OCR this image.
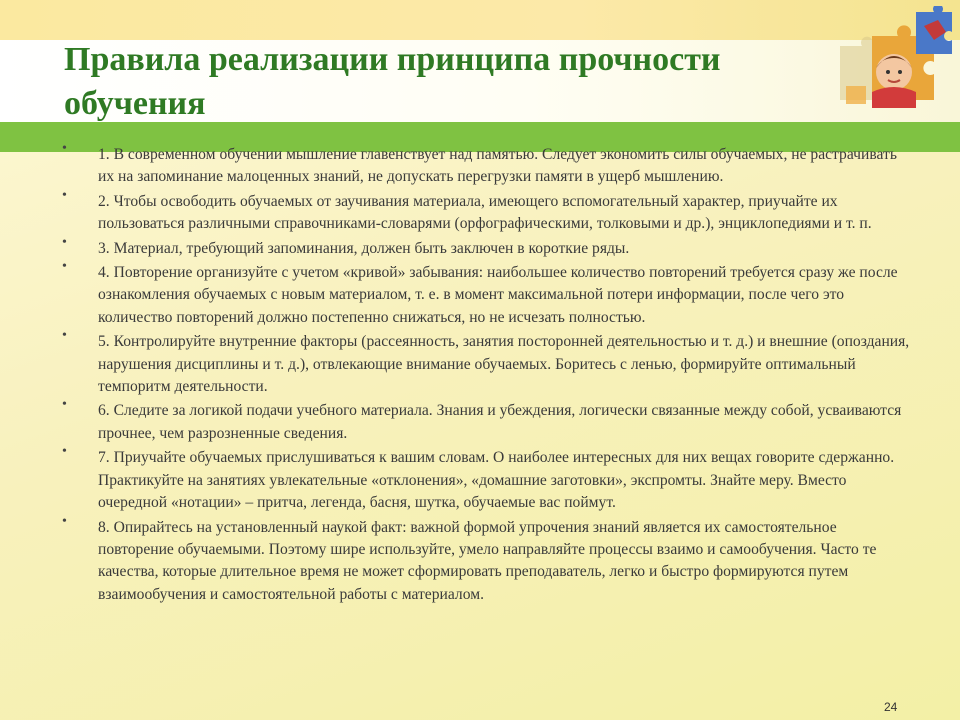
Правила реализации принципа прочности обучения
• 1. В современном обучении мышление главенствует над памятью. Следует экономить силы обучаемых, не растрачивать их на запоминание малоценных знаний, не допускать перегрузки памяти в ущерб мышлению.
• 2. Чтобы освободить обучаемых от заучивания материала, имеющего вспомогательный характер, приучайте их пользоваться различными справочниками-словарями (орфографическими, толковыми и др.), энциклопедиями и т. п.
• 3. Материал, требующий запоминания, должен быть заключен в короткие ряды.
• 4. Повторение организуйте с учетом «кривой» забывания: наибольшее количество повторений требуется сразу же после ознакомления обучаемых с новым материалом, т. е. в момент максимальной потери информации, после чего это количество повторений должно постепенно снижаться, но не исчезать полностью.
• 5. Контролируйте внутренние факторы (рассеянность, занятия посторонней деятельностью и т. д.) и внешние (опоздания, нарушения дисциплины и т. д.), отвлекающие внимание обучаемых. Боритесь с ленью, формируйте оптимальный темпоритм деятельности.
• 6. Следите за логикой подачи учебного материала. Знания и убеждения, логически связанные между собой, усваиваются прочнее, чем разрозненные сведения.
• 7. Приучайте обучаемых прислушиваться к вашим словам. О наиболее интересных для них вещах говорите сдержанно. Практикуйте на занятиях увлекательные «отклонения», «домашние заготовки», экспромты. Знайте меру. Вместо очередной «нотации» – притча, легенда, басня, шутка, обучаемые вас поймут.
• 8. Опирайтесь на установленный наукой факт: важной формой упрочения знаний является их самостоятельное повторение обучаемыми. Поэтому шире используйте, умело направляйте процессы взаимо и самообучения. Часто те качества, которые длительное время не может сформировать преподаватель, легко и быстро формируются путем взаимообучения и самостоятельной работы с материалом.
24
